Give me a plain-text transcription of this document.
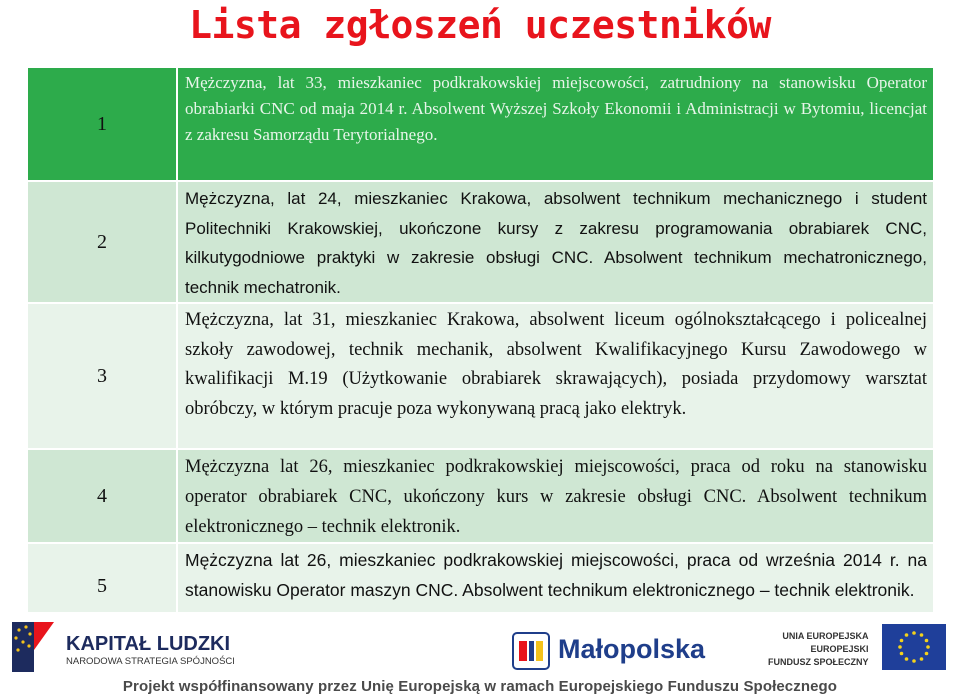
Lista zgłoszeń uczestników
1
Mężczyzna, lat 33, mieszkaniec podkrakowskiej miejscowości, zatrudniony na stanowisku Operator obrabiarki CNC od maja 2014 r. Absolwent Wyższej Szkoły Ekonomii i Administracji w Bytomiu, licencjat z zakresu Samorządu Terytorialnego.
2
Mężczyzna, lat 24, mieszkaniec Krakowa, absolwent technikum mechanicznego i student Politechniki Krakowskiej, ukończone kursy z zakresu programowania obrabiarek CNC, kilkutygodniowe praktyki w zakresie obsługi CNC. Absolwent technikum mechatronicznego, technik mechatronik.
3
Mężczyzna, lat 31, mieszkaniec Krakowa, absolwent liceum ogólnokształcącego i policealnej szkoły zawodowej, technik mechanik, absolwent Kwalifikacyjnego Kursu Zawodowego w kwalifikacji M.19 (Użytkowanie obrabiarek skrawających), posiada przydomowy warsztat obróbczy, w którym pracuje poza wykonywaną pracą jako elektryk.
4
Mężczyzna lat 26, mieszkaniec podkrakowskiej miejscowości, praca od roku na stanowisku operator obrabiarek CNC, ukończony kurs w zakresie obsługi CNC. Absolwent technikum elektronicznego – technik elektronik.
5
Mężczyzna lat 26, mieszkaniec podkrakowskiej miejscowości, praca od września 2014 r. na stanowisku Operator maszyn CNC. Absolwent technikum elektronicznego – technik elektronik.
KAPITAŁ LUDZKI
NARODOWA STRATEGIA SPÓJNOŚCI	Małopolska	UNIA EUROPEJSKA
EUROPEJSKI
FUNDUSZ SPOŁECZNY
Projekt współfinansowany przez Unię Europejską w ramach Europejskiego Funduszu Społecznego
